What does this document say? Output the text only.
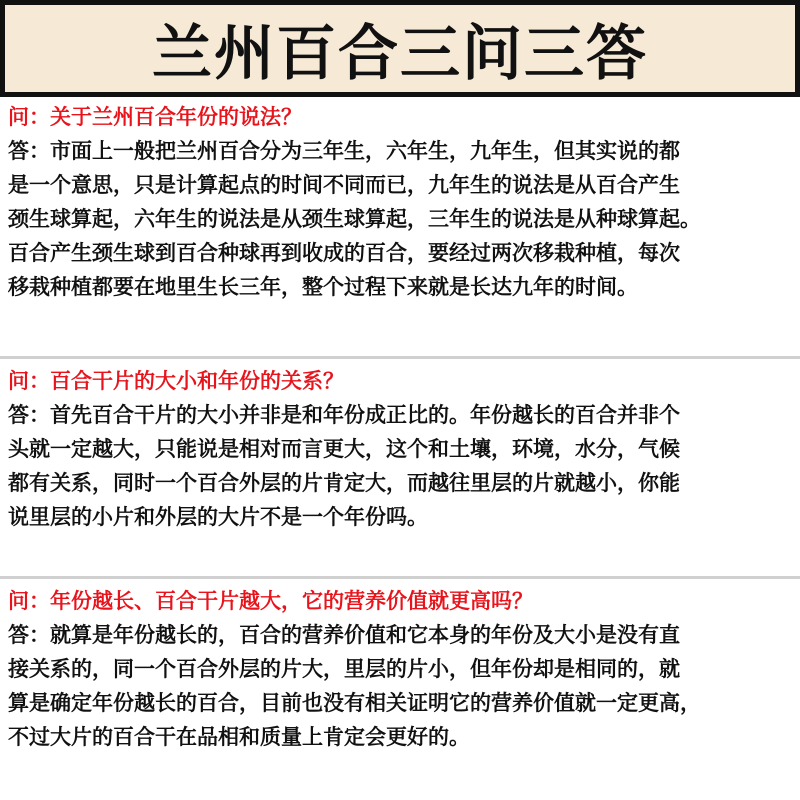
兰州百合三问三答
问：关于兰州百合年份的说法？
答：市面上一般把兰州百合分为三年生，六年生，九年生，但其实说的都
是一个意思，只是计算起点的时间不同而已，九年生的说法是从百合产生
颈生球算起，六年生的说法是从颈生球算起，三年生的说法是从种球算起。
百合产生颈生球到百合种球再到收成的百合，要经过两次移栽种植，每次
移栽种植都要在地里生长三年，整个过程下来就是长达九年的时间。
问：百合干片的大小和年份的关系？
答：首先百合干片的大小并非是和年份成正比的。年份越长的百合并非个
头就一定越大，只能说是相对而言更大，这个和土壤，环境，水分，气候
都有关系，同时一个百合外层的片肯定大，而越往里层的片就越小，你能
说里层的小片和外层的大片不是一个年份吗。
问：年份越长、百合干片越大，它的营养价值就更高吗？
答：就算是年份越长的，百合的营养价值和它本身的年份及大小是没有直
接关系的，同一个百合外层的片大，里层的片小，但年份却是相同的，就
算是确定年份越长的百合，目前也没有相关证明它的营养价值就一定更高，
不过大片的百合干在品相和质量上肯定会更好的。
